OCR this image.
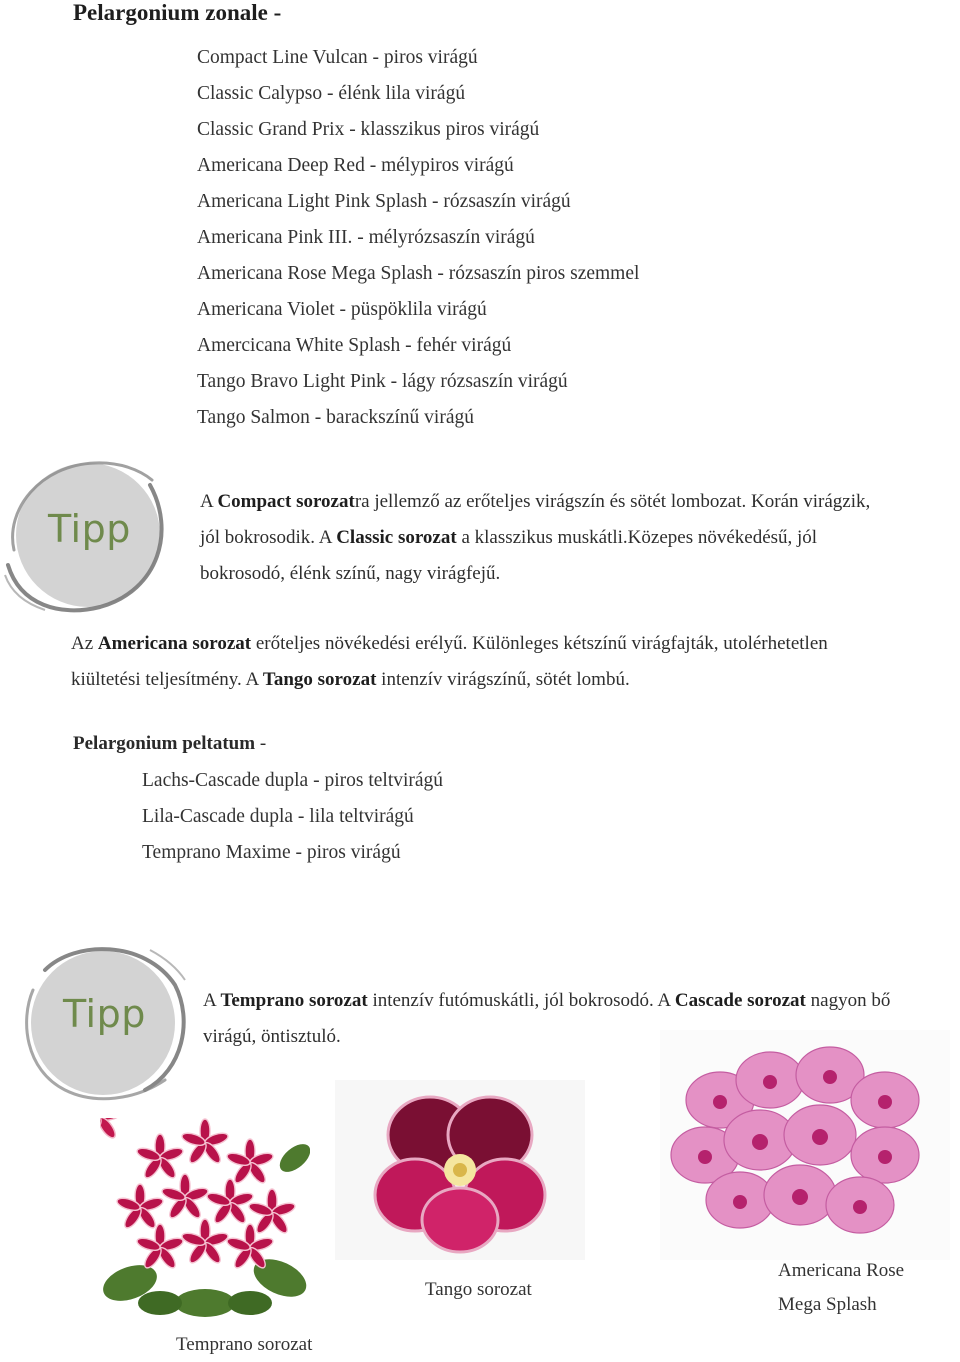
Pelargonium zonale -
Compact Line Vulcan - piros virágú
Classic Calypso - élénk lila virágú
Classic Grand Prix - klasszikus piros virágú
Americana Deep Red - mélypiros virágú
Americana Light Pink Splash - rózsaszín virágú
Americana Pink III. - mélyrózsaszín virágú
Americana Rose Mega Splash - rózsaszín piros szemmel
Americana Violet - püspöklila virágú
Amercicana White Splash - fehér virágú
Tango Bravo Light Pink - lágy rózsaszín virágú
Tango Salmon - barackszínű virágú
Tipp
A Compact sorozatra jellemző az erőteljes virágszín és sötét lombozat. Korán virágzik,
jól bokrosodik. A Classic sorozat a klasszikus muskátli.Közepes növékedésű, jól
bokrosodó, élénk színű, nagy virágfejű.
Az Americana sorozat erőteljes növékedési erélyű. Különleges kétszínű virágfajták, utolérhetetlen
kiültetési teljesítmény. A Tango sorozat intenzív virágszínű, sötét lombú.
Pelargonium peltatum -
Lachs-Cascade dupla - piros teltvirágú
Lila-Cascade dupla - lila teltvirágú
Temprano Maxime - piros virágú
Tipp	A Temprano sorozat intenzív futómuskátli, jól bokrosodó. A Cascade sorozat nagyon bő
virágú, öntisztuló.
Tango sorozat
Americana Rose
Mega Splash
Temprano sorozat
